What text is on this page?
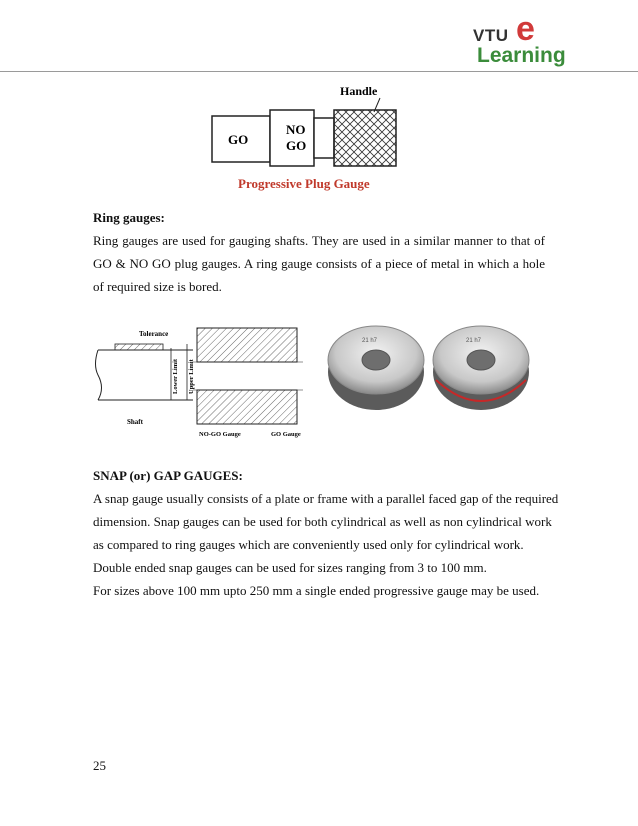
VTU e
Learning
GO
NO
GO
Handle
Progressive Plug Gauge
Ring gauges:
Ring gauges are used for gauging shafts. They are used in a similar manner to that of GO & NO GO plug gauges. A ring gauge consists of a piece of metal in which a hole of required size is bored.
Lower Limit Upper Limit
Tolerance
Shaft
NO-GO Gauge	GO Gauge
21 h7	21 h7
SNAP (or) GAP GAUGES:
A snap gauge usually consists of a plate or frame with a parallel faced gap of the required
dimension. Snap gauges can be used for both cylindrical as well as non cylindrical work
as compared to ring gauges which are conveniently used only for cylindrical work.
Double ended snap gauges can be used for sizes ranging from 3 to 100 mm.
For sizes above 100 mm upto 250 mm a single ended progressive gauge may be used.
25
